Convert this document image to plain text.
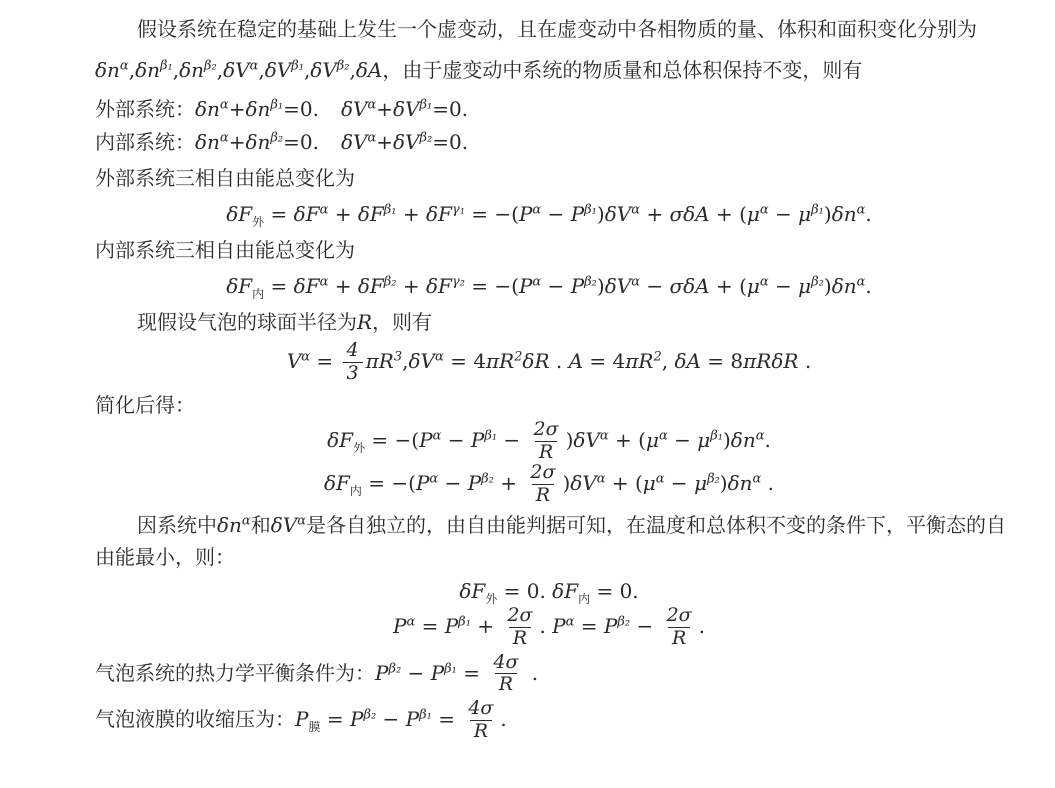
假设系统在稳定的基础上发生一个虚变动，且在虚变动中各相物质的量、体积和面积变化分别为
$\delta n^\alpha,\delta n^{\beta_1},\delta n^{\beta_2},\delta V^\alpha,\delta V^{\beta_1},\delta V^{\beta_2},\delta A$，由于虚变动中系统的物质量和总体积保持不变，则有
外部系统：$\delta n^\alpha+\delta n^{\beta_1}=0$. $\delta V^\alpha+\delta V^{\beta_1}=0$.
内部系统：$\delta n^\alpha+\delta n^{\beta_2}=0$. $\delta V^\alpha+\delta V^{\beta_2}=0$.
外部系统三相自由能总变化为
$\delta F_外 = \delta F^\alpha + \delta F^{\beta_1} + \delta F^{\gamma_1} = -(P^\alpha - P^{\beta_1})\delta V^\alpha + \sigma\delta A + (\mu^\alpha - \mu^{\beta_1})\delta n^\alpha$.
内部系统三相自由能总变化为
$\delta F_内 = \delta F^\alpha + \delta F^{\beta_2} + \delta F^{\gamma_2} = -(P^\alpha - P^{\beta_2})\delta V^\alpha - \sigma\delta A + (\mu^\alpha - \mu^{\beta_2})\delta n^\alpha$.
现假设气泡的球面半径为R，则有
$V^\alpha = \frac{4}{3} \pi R^3,\delta V^\alpha = 4\pi R^2\delta R$ . $A = 4\pi R^2$, δA = 8πRδR .
简化后得：
$\delta F_外 = -(P^\alpha - P^{\beta_1} - \frac{2\sigma}{R} )\delta V^\alpha + (\mu^\alpha - \mu^{\beta_1})\delta n^\alpha$.
$\delta F_内 = -(P^\alpha - P^{\beta_2} + \frac{2\sigma}{R} )\delta V^\alpha + (\mu^\alpha - \mu^{\beta_2})\delta n^\alpha$ .
因系统中$\delta n^\alpha$和$\delta V^\alpha$是各自独立的，由自由能判据可知，在温度和总体积不变的条件下，平衡态的自
由能最小，则：
$\delta F_外 = 0$. $\delta F_内 = 0$.
$P^\alpha = P^{\beta_1} + \frac{2\sigma}{R}$ . $P^\alpha = P^{\beta_2} - \frac{2\sigma}{R}$ .
气泡系统的热力学平衡条件为：$P^{\beta_2} - P^{\beta_1} = \frac{4\sigma}{R}$ .
气泡液膜的收缩压为：$P_膜 = P^{\beta_2} - P^{\beta_1} = \frac{4\sigma}{R}$ .
